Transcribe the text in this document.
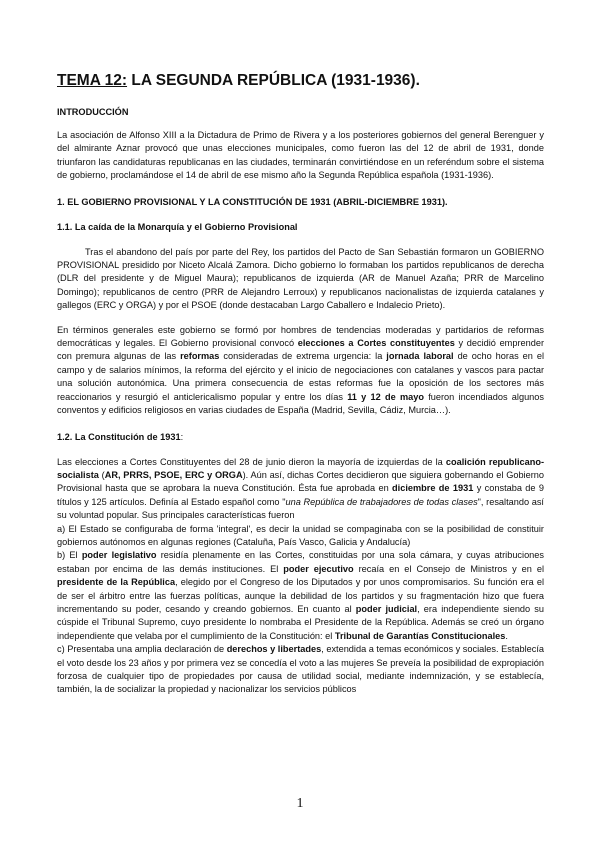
TEMA 12: LA SEGUNDA REPÚBLICA (1931-1936).

INTRODUCCIÓN

La asociación de Alfonso XIII a la Dictadura de Primo de Rivera y a los posteriores gobiernos del general Berenguer y del almirante Aznar provocó que unas elecciones municipales, como fueron las del 12 de abril de 1931, donde triunfaron las candidaturas republicanas en las ciudades, terminarán convirtiéndose en un referéndum sobre el sistema de gobierno, proclamándose el 14 de abril de ese mismo año la Segunda República española (1931-1936).

1. EL GOBIERNO PROVISIONAL Y LA CONSTITUCIÓN DE 1931 (ABRIL-DICIEMBRE 1931).

1.1. La caída de la Monarquía y el Gobierno Provisional

Tras el abandono del país por parte del Rey, los partidos del Pacto de San Sebastián formaron un GOBIERNO PROVISIONAL presidido por Niceto Alcalá Zamora. Dicho gobierno lo formaban los partidos republicanos de derecha (DLR del presidente y de Miguel Maura); republicanos de izquierda (AR de Manuel Azaña; PRR de Marcelino Domingo); republicanos de centro (PRR de Alejandro Lerroux) y republicanos nacionalistas de izquierda catalanes y gallegos (ERC y ORGA) y por el PSOE (donde destacaban Largo Caballero e Indalecio Prieto).

En términos generales este gobierno se formó por hombres de tendencias moderadas y partidarios de reformas democráticas y legales. El Gobierno provisional convocó elecciones a Cortes constituyentes y decidió emprender con premura algunas de las reformas consideradas de extrema urgencia: la jornada laboral de ocho horas en el campo y de salarios mínimos, la reforma del ejército y el inicio de negociaciones con catalanes y vascos para pactar una solución autonómica. Una primera consecuencia de estas reformas fue la oposición de los sectores más reaccionarios y resurgió el anticlericalismo popular y entre los días 11 y 12 de mayo fueron incendiados algunos conventos y edificios religiosos en varias ciudades de España (Madrid, Sevilla, Cádiz, Murcia…).

1.2. La Constitución de 1931:

Las elecciones a Cortes Constituyentes del 28 de junio dieron la mayoría de izquierdas de la coalición republicano-socialista (AR, PRRS, PSOE, ERC y ORGA). Aún así, dichas Cortes decidieron que siguiera gobernando el Gobierno Provisional hasta que se aprobara la nueva Constitución. Ésta fue aprobada en diciembre de 1931 y constaba de 9 títulos y 125 artículos. Definía al Estado español como "una República de trabajadores de todas clases", resaltando así su voluntad popular. Sus principales características fueron

a) El Estado se configuraba de forma 'integral', es decir la unidad se compaginaba con se la posibilidad de constituir gobiernos autónomos en algunas regiones (Cataluña, País Vasco, Galicia y Andalucía)

b) El poder legislativo residía plenamente en las Cortes, constituidas por una sola cámara, y cuyas atribuciones estaban por encima de las demás instituciones. El poder ejecutivo recaía en el Consejo de Ministros y en el presidente de la República, elegido por el Congreso de los Diputados y por unos compromisarios. Su función era el de ser el árbitro entre las fuerzas políticas, aunque la debilidad de los partidos y su fragmentación hizo que fuera incrementando su poder, cesando y creando gobiernos. En cuanto al poder judicial, era independiente siendo su cúspide el Tribunal Supremo, cuyo presidente lo nombraba el Presidente de la República. Además se creó un órgano independiente que velaba por el cumplimiento de la Constitución: el Tribunal de Garantías Constitucionales.

c) Presentaba una amplia declaración de derechos y libertades, extendida a temas económicos y sociales. Establecía el voto desde los 23 años y por primera vez se concedía el voto a las mujeres Se preveía la posibilidad de expropiación forzosa de cualquier tipo de propiedades por causa de utilidad social, mediante indemnización, y se establecía, también, la de socializar la propiedad y nacionalizar los servicios públicos

1
